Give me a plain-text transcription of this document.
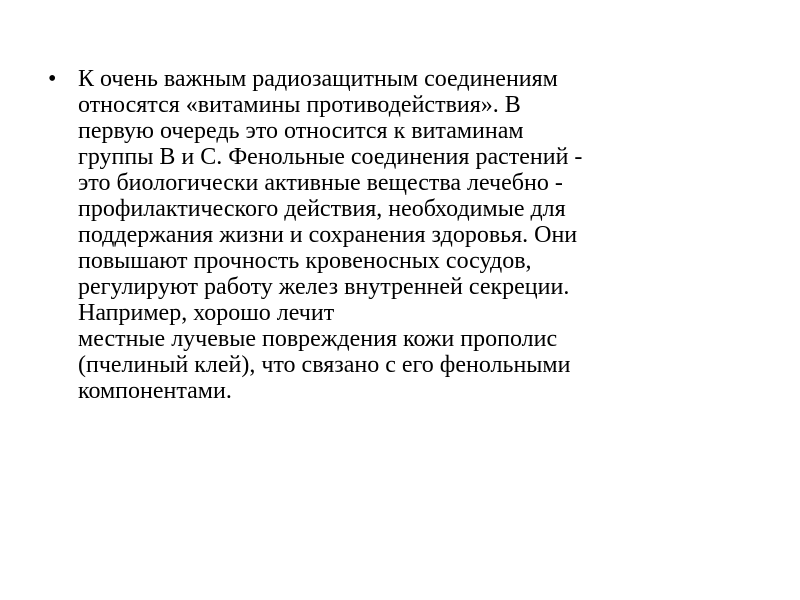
• К очень важным радиозащитным соединениям
относятся «витамины противодействия». В
первую очередь это относится к витаминам
группы В и С. Фенольные соединения растений -
это биологически активные вещества лечебно -
профилактического действия, необходимые для
поддержания жизни и сохранения здоровья. Они
повышают прочность кровеносных сосудов,
регулируют работу желез внутренней секреции.
Например, хорошо лечит
местные лучевые повреждения кожи прополис
(пчелиный клей), что связано с его фенольными
компонентами.
